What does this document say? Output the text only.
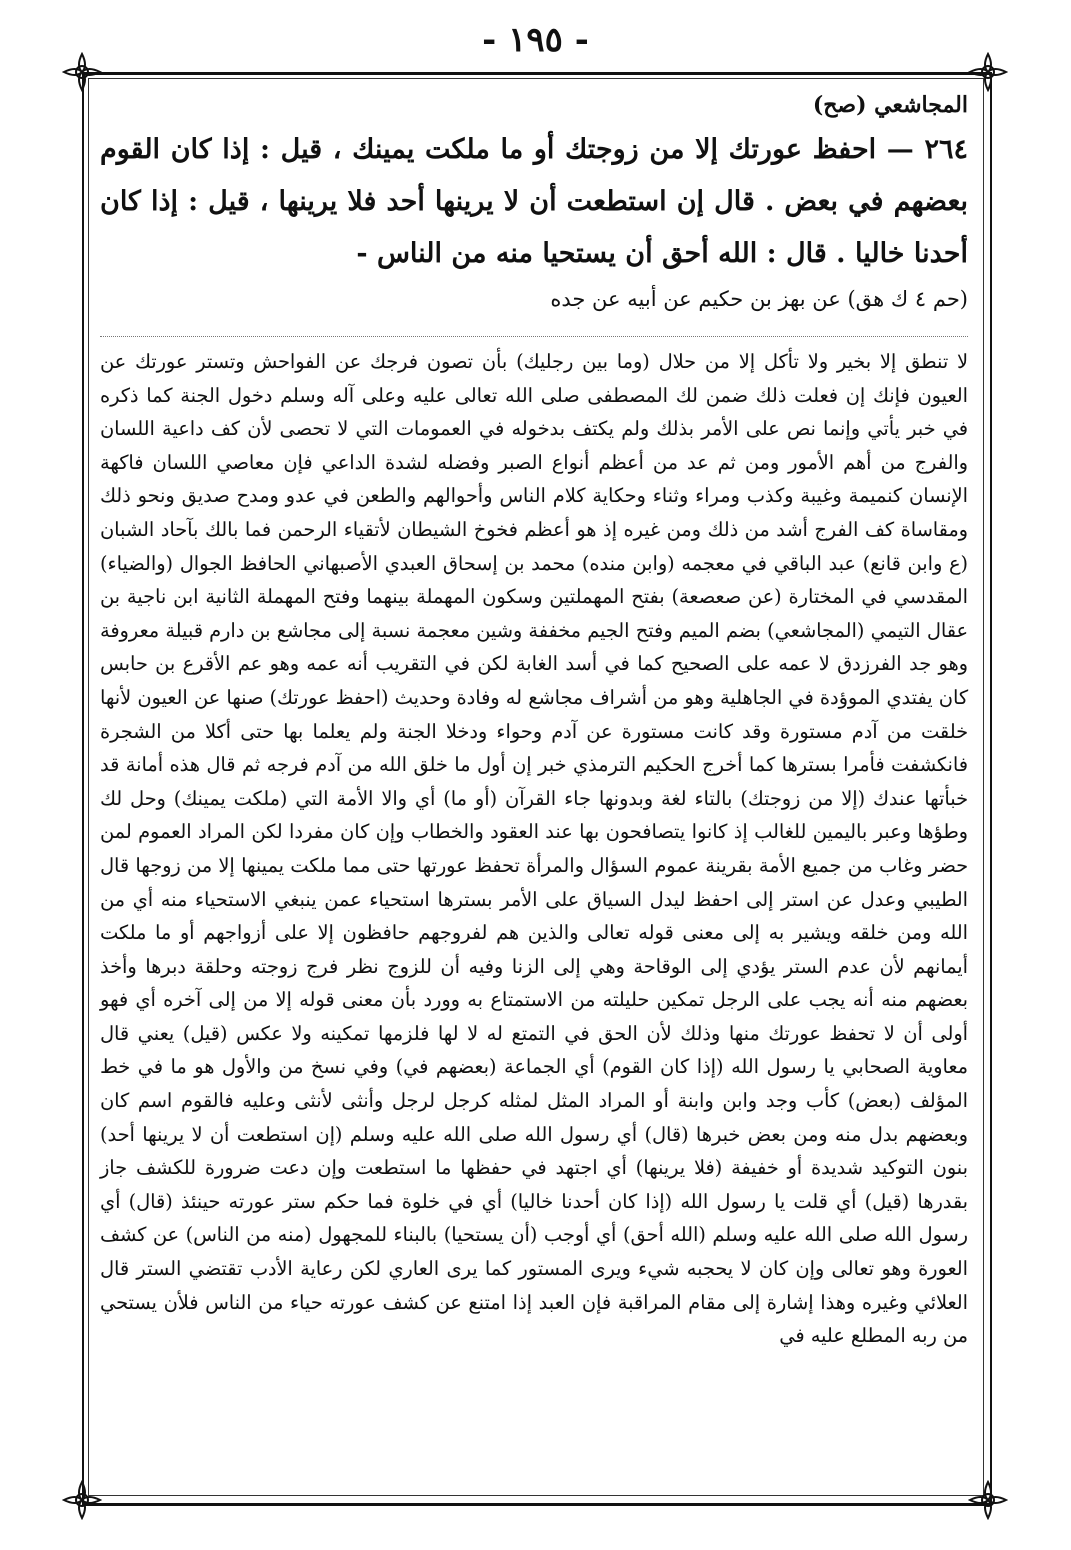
- ١٩٥ -
المجاشعي (صح)
٢٦٤ — احفظ عورتك إلا من زوجتك أو ما ملكت يمينك ، قيل : إذا كان القوم بعضهم في بعض . قال إن استطعت أن لا يرينها أحد فلا يرينها ، قيل : إذا كان أحدنا خاليا . قال : الله أحق أن يستحيا منه من الناس -
(حم ٤ ك هق) عن بهز بن حكيم عن أبيه عن جده
لا تنطق إلا بخير ولا تأكل إلا من حلال (وما بين رجليك) بأن تصون فرجك عن الفواحش وتستر عورتك عن العيون فإنك إن فعلت ذلك ضمن لك المصطفى صلى الله تعالى عليه وعلى آله وسلم دخول الجنة كما ذكره في خبر يأتي وإنما نص على الأمر بذلك ولم يكتف بدخوله في العمومات التي لا تحصى لأن كف داعية اللسان والفرج من أهم الأمور ومن ثم عد من أعظم أنواع الصبر وفضله لشدة الداعي فإن معاصي اللسان فاكهة الإنسان كنميمة وغيبة وكذب ومراء وثناء وحكاية كلام الناس وأحوالهم والطعن في عدو ومدح صديق ونحو ذلك ومقاساة كف الفرج أشد من ذلك ومن غيره إذ هو أعظم فخوخ الشيطان لأتقياء الرحمن فما بالك بآحاد الشبان (ع وابن قانع) عبد الباقي في معجمه (وابن منده) محمد بن إسحاق العبدي الأصبهاني الحافظ الجوال (والضياء) المقدسي في المختارة (عن صعصعة) بفتح المهملتين وسكون المهملة بينهما وفتح المهملة الثانية ابن ناجية بن عقال التيمي (المجاشعي) بضم الميم وفتح الجيم مخففة وشين معجمة نسبة إلى مجاشع بن دارم قبيلة معروفة وهو جد الفرزدق لا عمه على الصحيح كما في أسد الغابة لكن في التقريب أنه عمه وهو عم الأقرع بن حابس كان يفتدي الموؤدة في الجاهلية وهو من أشراف مجاشع له وفادة وحديث (احفظ عورتك) صنها عن العيون لأنها خلقت من آدم مستورة وقد كانت مستورة عن آدم وحواء ودخلا الجنة ولم يعلما بها حتى أكلا من الشجرة فانكشفت فأمرا بسترها كما أخرج الحكيم الترمذي خبر إن أول ما خلق الله من آدم فرجه ثم قال هذه أمانة قد خبأتها عندك (إلا من زوجتك) بالتاء لغة وبدونها جاء القرآن (أو ما) أي والا الأمة التي (ملكت يمينك) وحل لك وطؤها وعبر باليمين للغالب إذ كانوا يتصافحون بها عند العقود والخطاب وإن كان مفردا لكن المراد العموم لمن حضر وغاب من جميع الأمة بقرينة عموم السؤال والمرأة تحفظ عورتها حتى مما ملكت يمينها إلا من زوجها قال الطيبي وعدل عن استر إلى احفظ ليدل السياق على الأمر بسترها استحياء عمن ينبغي الاستحياء منه أي من الله ومن خلقه ويشير به إلى معنى قوله تعالى والذين هم لفروجهم حافظون إلا على أزواجهم أو ما ملكت أيمانهم لأن عدم الستر يؤدي إلى الوقاحة وهي إلى الزنا وفيه أن للزوج نظر فرج زوجته وحلقة دبرها وأخذ بعضهم منه أنه يجب على الرجل تمكين حليلته من الاستمتاع به وورد بأن معنى قوله إلا من إلى آخره أي فهو أولى أن لا تحفظ عورتك منها وذلك لأن الحق في التمتع له لا لها فلزمها تمكينه ولا عكس (قيل) يعني قال معاوية الصحابي يا رسول الله (إذا كان القوم) أي الجماعة (بعضهم في) وفي نسخ من والأول هو ما في خط المؤلف (بعض) كأب وجد وابن وابنة أو المراد المثل لمثله كرجل لرجل وأنثى لأنثى وعليه فالقوم اسم كان وبعضهم بدل منه ومن بعض خبرها (قال) أي رسول الله صلى الله عليه وسلم (إن استطعت أن لا يرينها أحد) بنون التوكيد شديدة أو خفيفة (فلا يرينها) أي اجتهد في حفظها ما استطعت وإن دعت ضرورة للكشف جاز بقدرها (قيل) أي قلت يا رسول الله (إذا كان أحدنا خاليا) أي في خلوة فما حكم ستر عورته حينئذ (قال) أي رسول الله صلى الله عليه وسلم (الله أحق) أي أوجب (أن يستحيا) بالبناء للمجهول (منه من الناس) عن كشف العورة وهو تعالى وإن كان لا يحجبه شيء ويرى المستور كما يرى العاري لكن رعاية الأدب تقتضي الستر قال العلائي وغيره وهذا إشارة إلى مقام المراقبة فإن العبد إذا امتنع عن كشف عورته حياء من الناس فلأن يستحي من ربه المطلع عليه في
